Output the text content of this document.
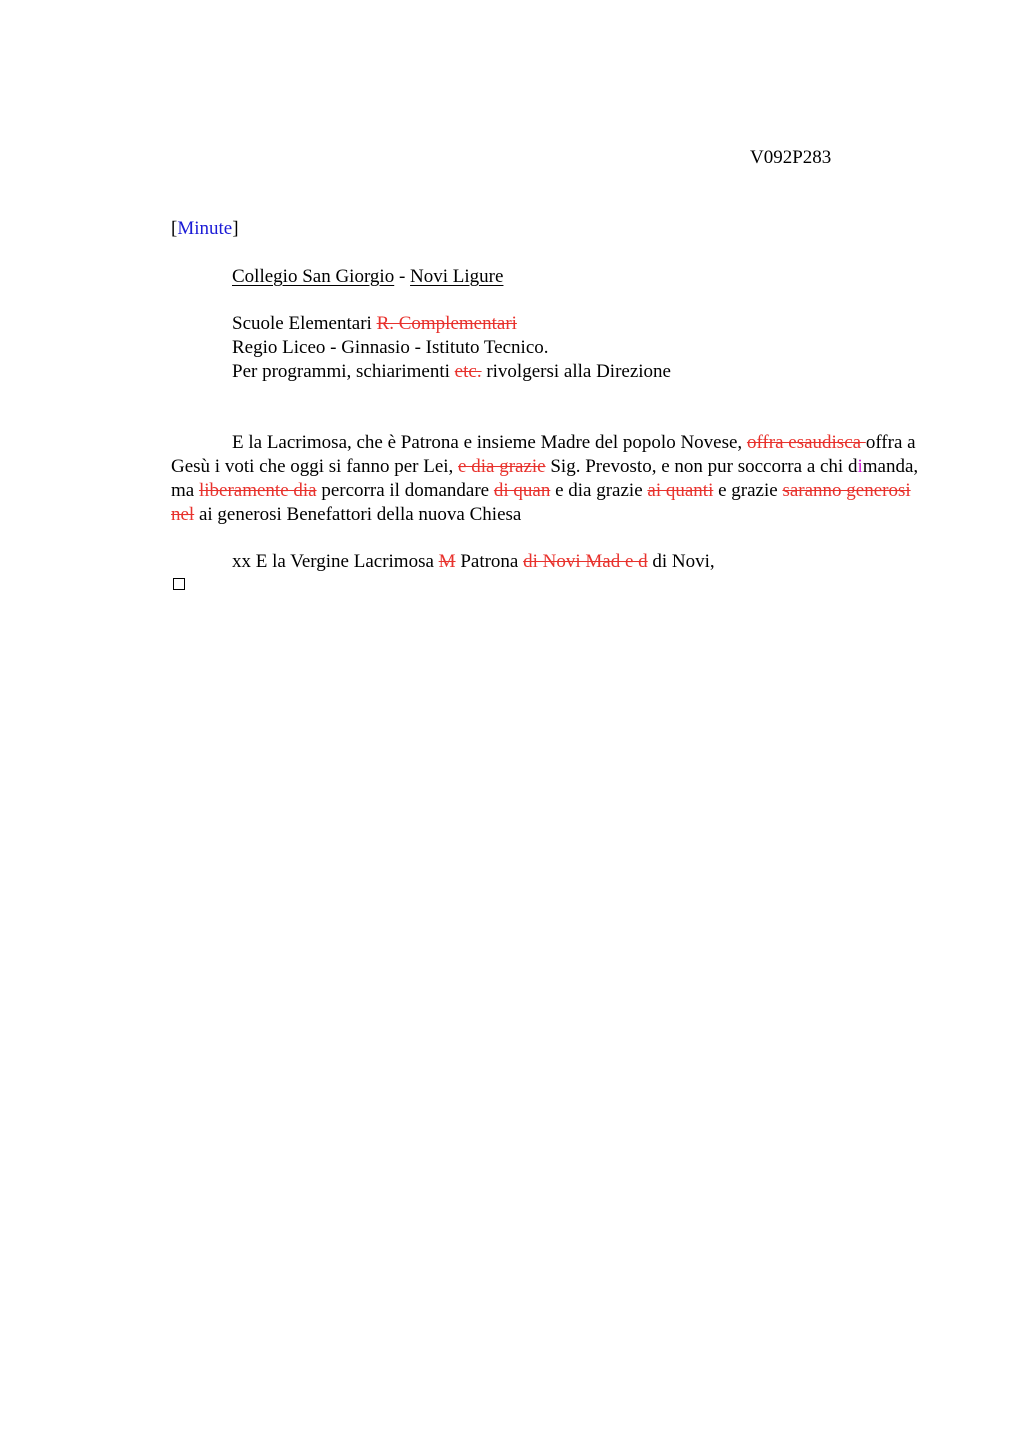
V092P283
[Minute]
Collegio San Giorgio - Novi Ligure
Scuole Elementari R. Complementari
Regio Liceo - Ginnasio - Istituto Tecnico.
Per programmi, schiarimenti etc. rivolgersi alla Direzione
E la Lacrimosa, che è Patrona e insieme Madre del popolo Novese, offra esaudisca offra a Gesù i voti che oggi si fanno per Lei, e dia grazie Sig. Prevosto, e non pur soccorra a chi dimanda, ma liberamente dia percorra il domandare di quan e dia grazie ai quanti e grazie saranno generosi nel ai generosi Benefattori della nuova Chiesa
xx E la Vergine Lacrimosa M Patrona di Novi Mad e d di Novi,
